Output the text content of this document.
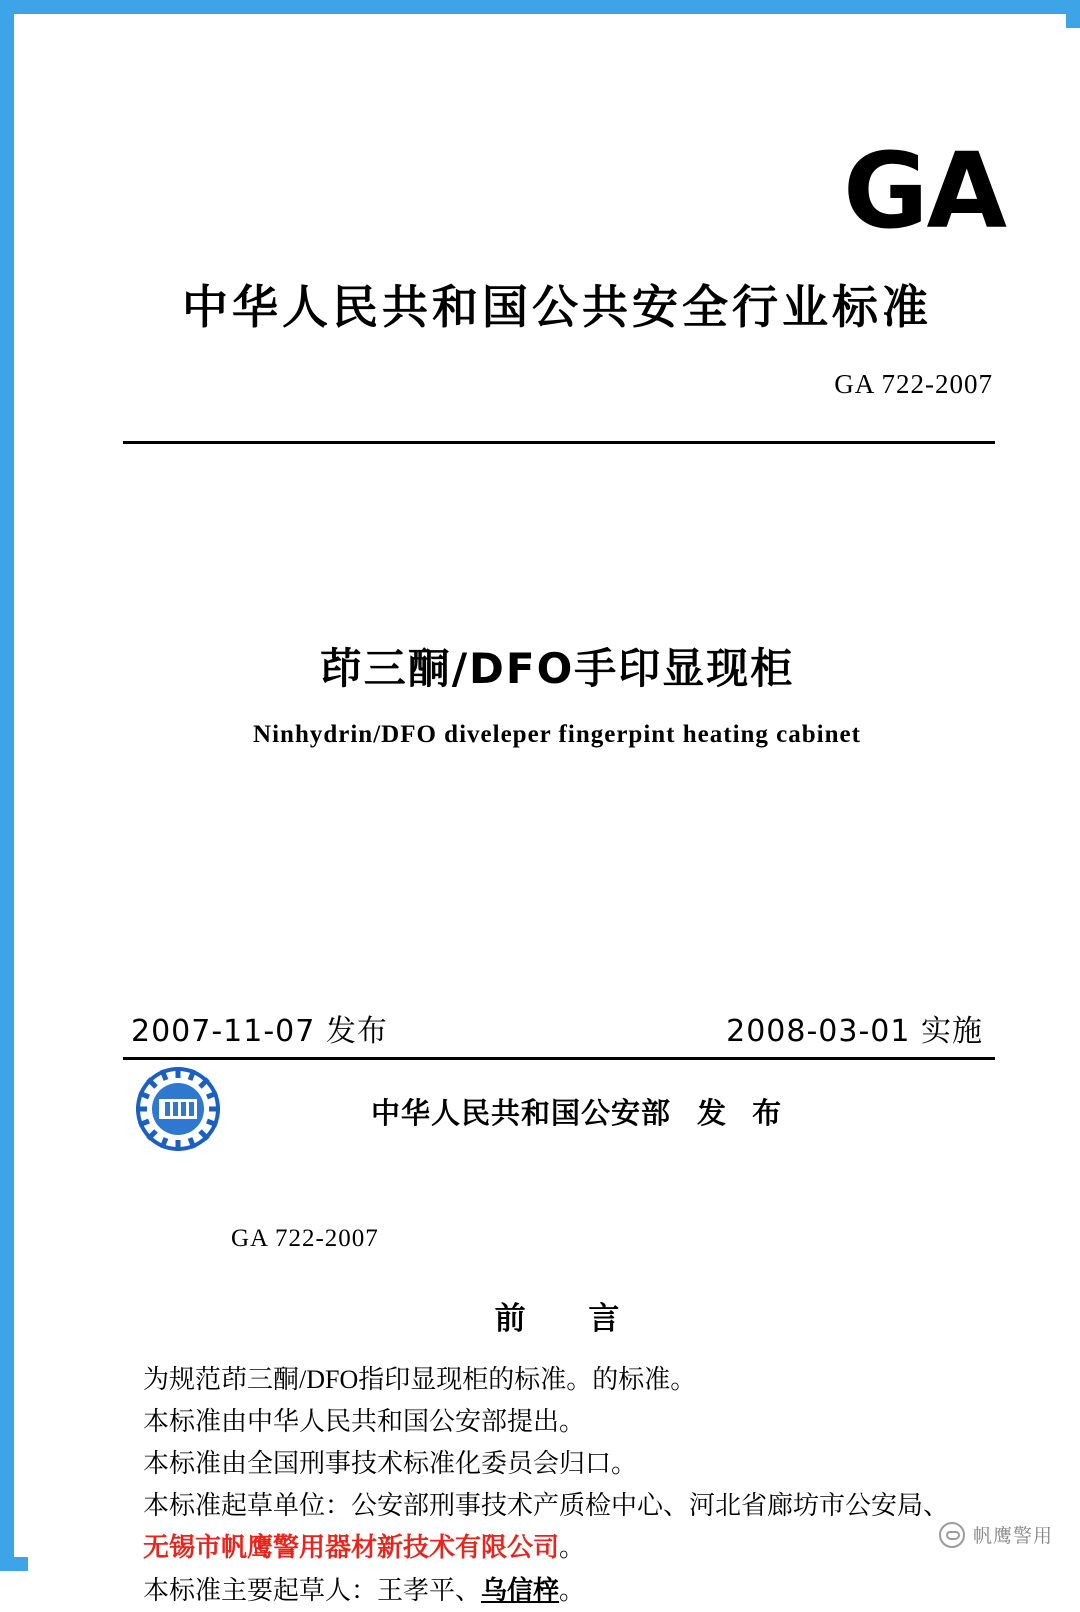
GA
中华人民共和国公共安全行业标准
GA 722-2007
茚三酮/DFO手印显现柜
Ninhydrin/DFO diveleper fingerpint heating cabinet
2007-11-07 发布	2008-03-01 实施
中华人民共和国公安部 发 布
GA 722-2007
前 言

为规范茚三酮/DFO指印显现柜的标准。的标准。

本标准由中华人民共和国公安部提出。

本标准由全国刑事技术标准化委员会归口。

本标准起草单位：公安部刑事技术产质检中心、河北省廊坊市公安局、

无锡市帆鹰警用器材新技术有限公司。

本标准主要起草人：王孝平、乌信梓。

帆鹰警用
